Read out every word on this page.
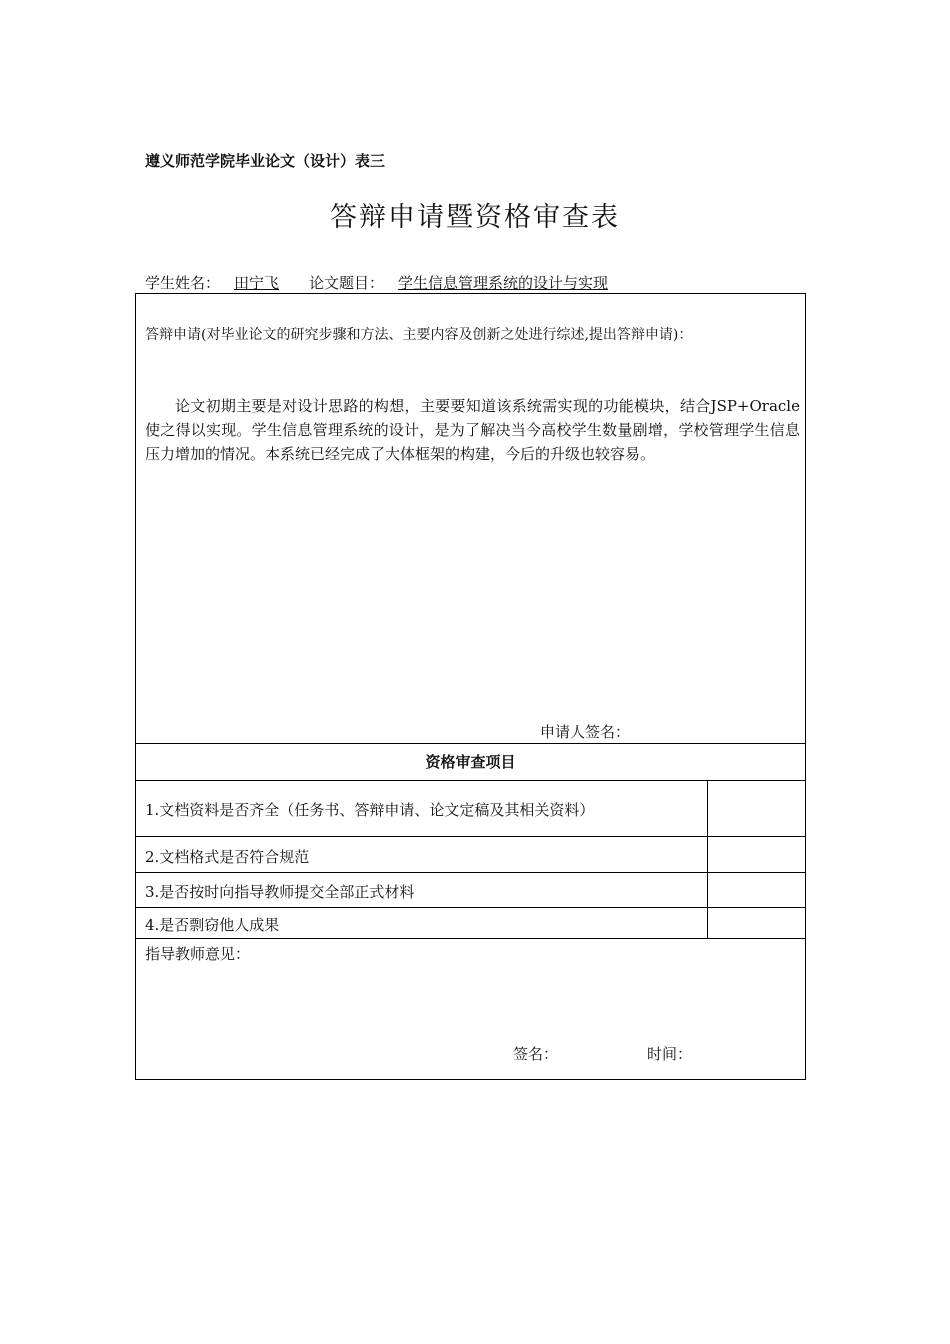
遵义师范学院毕业论文（设计）表三
答辩申请暨资格审查表
学生姓名： 田宁飞 论文题目： 学生信息管理系统的设计与实现
答辩申请(对毕业论文的研究步骤和方法、主要内容及创新之处进行综述,提出答辩申请)：
论文初期主要是对设计思路的构想，主要要知道该系统需实现的功能模块，结合JSP+Oracle使之得以实现。学生信息管理系统的设计，是为了解决当今高校学生数量剧增，学校管理学生信息压力增加的情况。本系统已经完成了大体框架的构建，今后的升级也较容易。
申请人签名：
资格审查项目
1.文档资料是否齐全（任务书、答辩申请、论文定稿及其相关资料）
2.文档格式是否符合规范
3.是否按时向指导教师提交全部正式材料
4.是否剽窃他人成果
指导教师意见：
签名：	时间：
